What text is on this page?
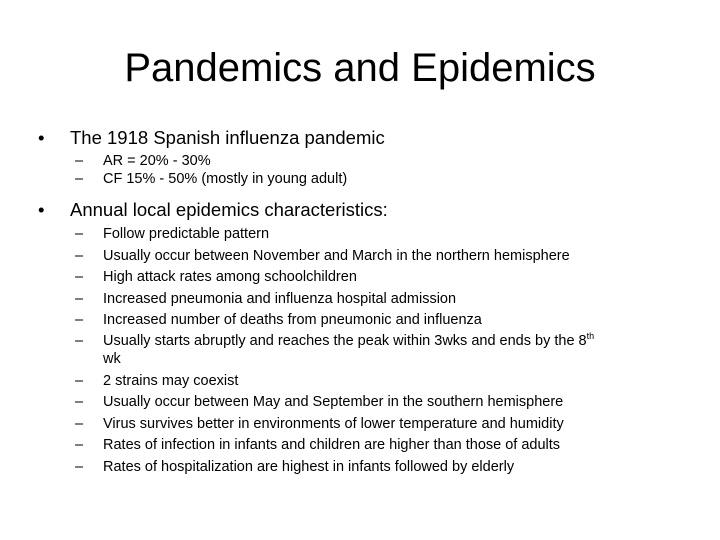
Pandemics and Epidemics
• The 1918 Spanish influenza pandemic
– AR = 20% - 30%
– CF 15% - 50% (mostly in young adult)
• Annual local epidemics characteristics:
– Follow predictable pattern
– Usually occur between November and March in the northern hemisphere
– High attack rates among schoolchildren
– Increased pneumonia and influenza hospital admission
– Increased number of deaths from pneumonic and influenza
– Usually starts abruptly and reaches the peak within 3wks and ends by the 8th
wk
– 2 strains may coexist
– Usually occur between May and September in the southern hemisphere
– Virus survives better in environments of lower temperature and humidity
– Rates of infection in infants and children are higher than those of adults
– Rates of hospitalization are highest in infants followed by elderly
